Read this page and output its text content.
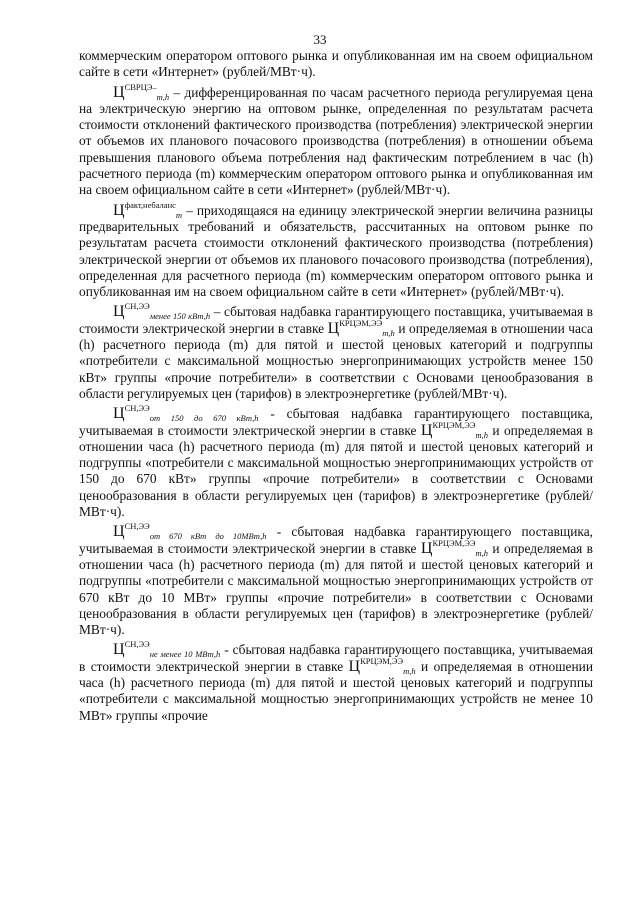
33

коммерческим оператором оптового рынка и опубликованная им на своем официальном сайте в сети «Интернет» (рублей/МВт·ч).

$Ц^{СВРЦЭ-}_{m,h}$ – дифференцированная по часам расчетного периода регулируемая цена на электрическую энергию на оптовом рынке, определенная по результатам расчета стоимости отклонений фактического производства (потребления) электрической энергии от объемов их планового почасового производства (потребления) в отношении объема превышения планового объема потребления над фактическим потреблением в час (h) расчетного периода (m) коммерческим оператором оптового рынка и опубликованная им на своем официальном сайте в сети «Интернет» (рублей/МВт·ч).

$Ц^{факт,небаланс}_m$ – приходящаяся на единицу электрической энергии величина разницы предварительных требований и обязательств, рассчитанных на оптовом рынке по результатам расчета стоимости отклонений фактического производства (потребления) электрической энергии от объемов их планового почасового производства (потребления), определенная для расчетного периода (m) коммерческим оператором оптового рынка и опубликованная им на своем официальном сайте в сети «Интернет» (рублей/МВт·ч).

$Ц^{СН,ЭЭ}_{менее 150 кВт,h}$ – сбытовая надбавка гарантирующего поставщика, учитываемая в стоимости электрической энергии в ставке $Ц^{КРЦЭМ,ЭЭ}_{m,h}$ и определяемая в отношении часа (h) расчетного периода (m) для пятой и шестой ценовых категорий и подгруппы «потребители с максимальной мощностью энергопринимающих устройств менее 150 кВт» группы «прочие потребители» в соответствии с Основами ценообразования в области регулируемых цен (тарифов) в электроэнергетике (рублей/МВт·ч).

$Ц^{СН,ЭЭ}_{от 150 до 670 кВт,h}$ - сбытовая надбавка гарантирующего поставщика, учитываемая в стоимости электрической энергии в ставке $Ц^{КРЦЭМ,ЭЭ}_{m,h}$ и определяемая в отношении часа (h) расчетного периода (m) для пятой и шестой ценовых категорий и подгруппы «потребители с максимальной мощностью энергопринимающих устройств от 150 до 670 кВт» группы «прочие потребители» в соответствии с Основами ценообразования в области регулируемых цен (тарифов) в электроэнергетике (рублей/МВт·ч).

$Ц^{СН,ЭЭ}_{от 670 кВт до 10МВт,h}$ - сбытовая надбавка гарантирующего поставщика, учитываемая в стоимости электрической энергии в ставке $Ц^{КРЦЭМ,ЭЭ}_{m,h}$ и определяемая в отношении часа (h) расчетного периода (m) для пятой и шестой ценовых категорий и подгруппы «потребители с максимальной мощностью энергопринимающих устройств от 670 кВт до 10 МВт» группы «прочие потребители» в соответствии с Основами ценообразования в области регулируемых цен (тарифов) в электроэнергетике (рублей/МВт·ч).

$Ц^{СН,ЭЭ}_{не менее 10 МВт,h}$ - сбытовая надбавка гарантирующего поставщика, учитываемая в стоимости электрической энергии в ставке $Ц^{КРЦЭМ,ЭЭ}_{m,h}$ и определяемая в отношении часа (h) расчетного периода (m) для пятой и шестой ценовых категорий и подгруппы «потребители с максимальной мощностью энергопринимающих устройств не менее 10 МВт» группы «прочие
